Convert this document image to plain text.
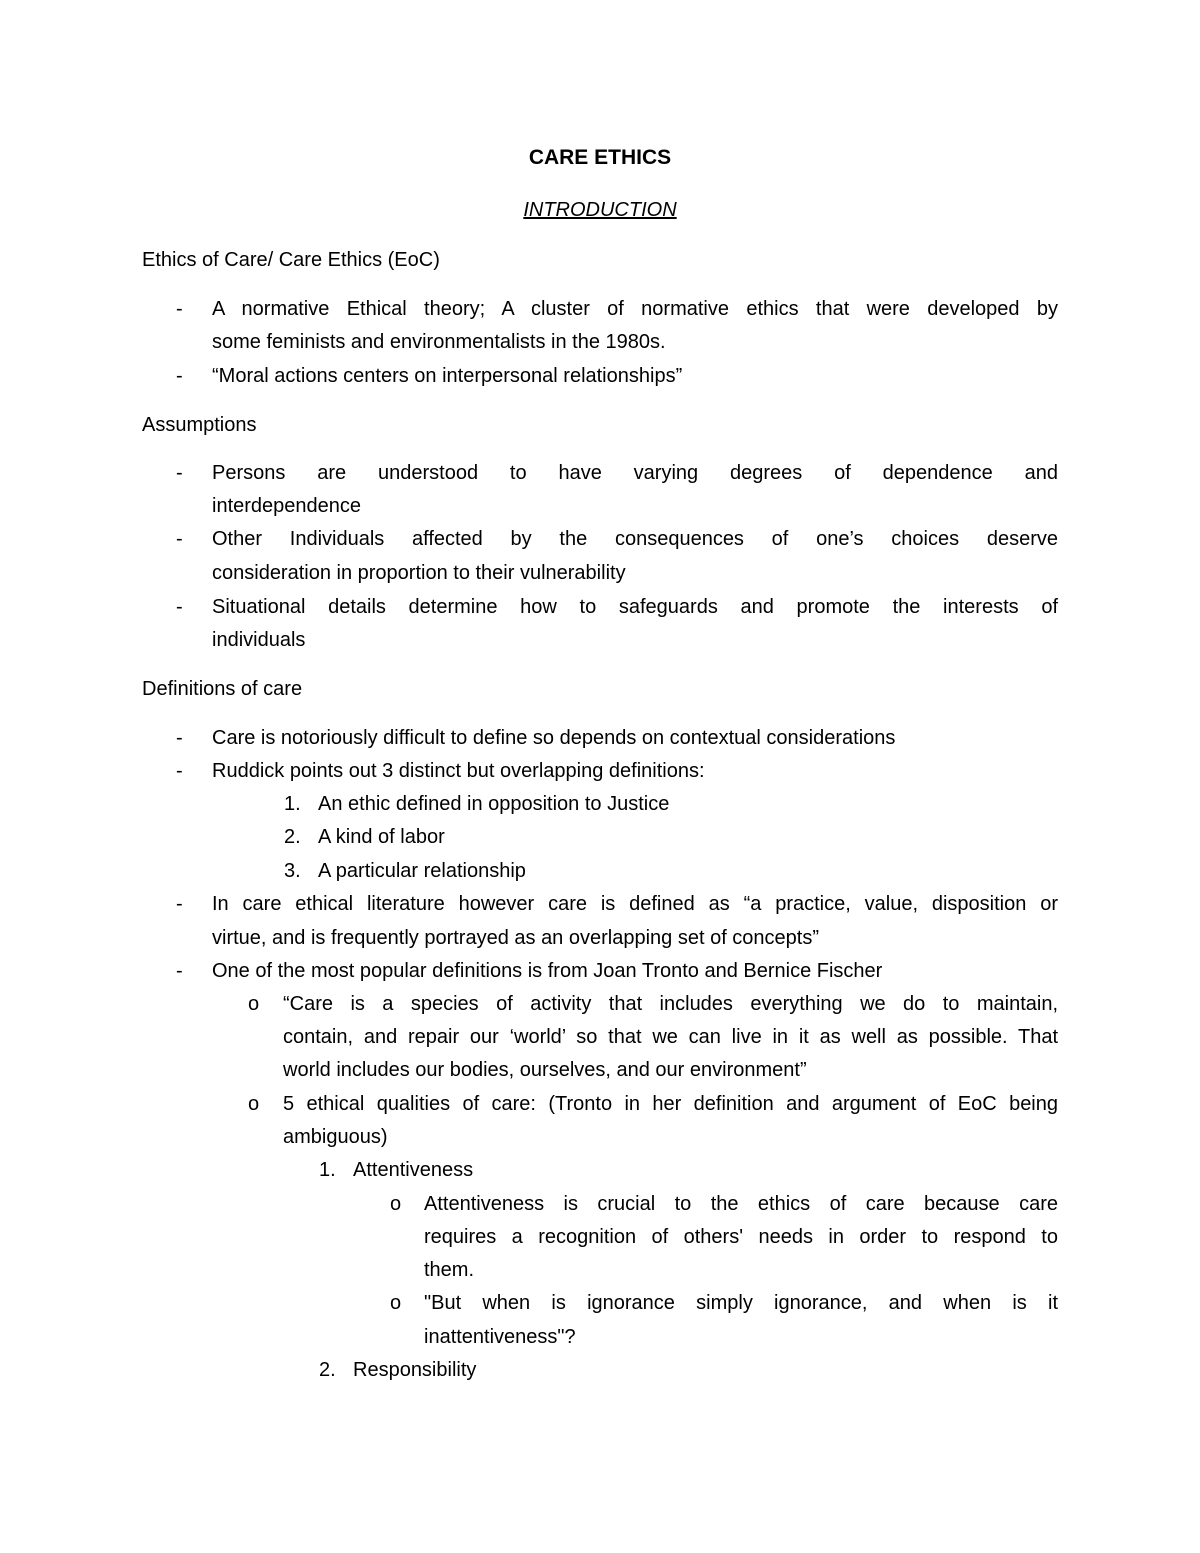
CARE ETHICS
INTRODUCTION
Ethics of Care/ Care Ethics (EoC)
- A normative Ethical theory; A cluster of normative ethics that were developed by
some feminists and environmentalists in the 1980s.
- “Moral actions centers on interpersonal relationships”
Assumptions
- Persons are understood to have varying degrees of dependence and
interdependence
- Other Individuals affected by the consequences of one’s choices deserve
consideration in proportion to their vulnerability
- Situational details determine how to safeguards and promote the interests of
individuals
Definitions of care
- Care is notoriously difficult to define so depends on contextual considerations
- Ruddick points out 3 distinct but overlapping definitions:
1. An ethic defined in opposition to Justice
2. A kind of labor
3. A particular relationship
- In care ethical literature however care is defined as “a practice, value, disposition or
virtue, and is frequently portrayed as an overlapping set of concepts”
- One of the most popular definitions is from Joan Tronto and Bernice Fischer
o “Care is a species of activity that includes everything we do to maintain,
contain, and repair our ‘world’ so that we can live in it as well as possible. That
world includes our bodies, ourselves, and our environment”
o 5 ethical qualities of care: (Tronto in her definition and argument of EoC being
ambiguous)
1. Attentiveness
o Attentiveness is crucial to the ethics of care because care
requires a recognition of others' needs in order to respond to
them.
o "But when is ignorance simply ignorance, and when is it
inattentiveness"?
2. Responsibility
